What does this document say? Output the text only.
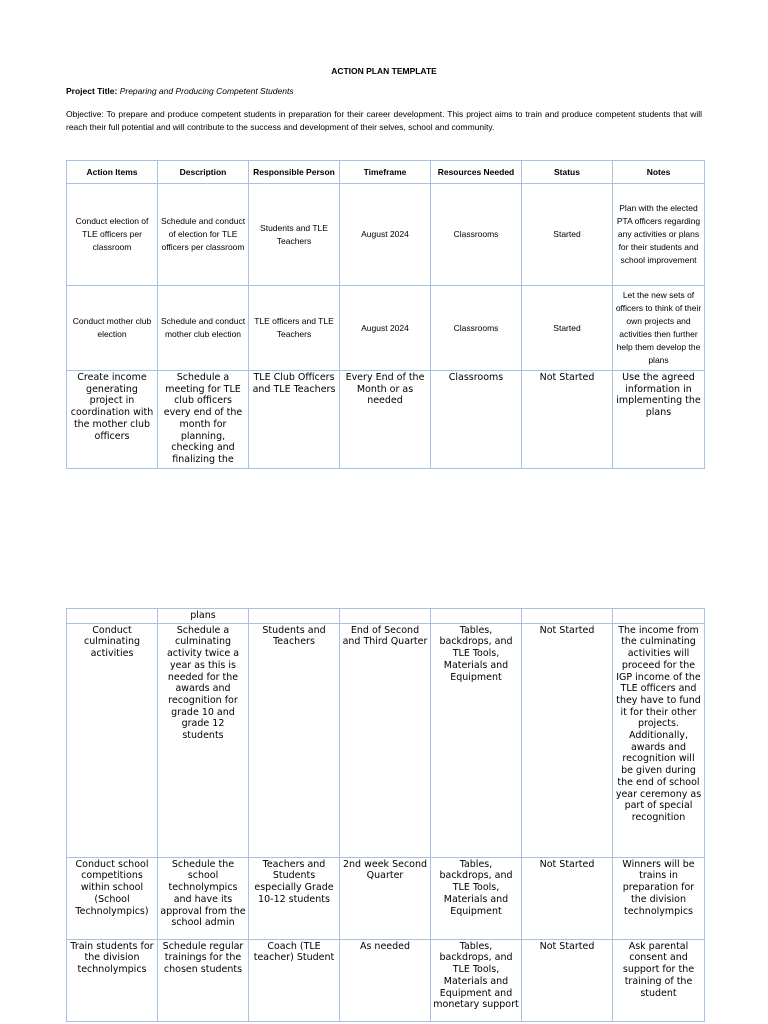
ACTION PLAN TEMPLATE
Project Title: Preparing and Producing Competent Students
Objective: To prepare and produce competent students in preparation for their career development. This project aims to train and produce competent students that will reach their full potential and will contribute to the success and development of their selves, school and community.
Action Items	Description	Responsible Person	Timeframe	Resources Needed	Status	Notes
Conduct election of TLE officers per classroom	Schedule and conduct of election for TLE officers per classroom	Students and TLE Teachers	August 2024	Classrooms	Started	Plan with the elected PTA officers regarding any activities or plans for their students and school improvement
Conduct mother club election	Schedule and conduct mother club election	TLE officers and TLE Teachers	August 2024	Classrooms	Started	Let the new sets of officers to think of their own projects and activities then further help them develop the plans
Create income generating project in coordination with the mother club officers	Schedule a meeting for TLE club officers every end of the month for planning, checking and finalizing the	TLE Club Officers and TLE Teachers	Every End of the Month or as needed	Classrooms	Not Started	Use the agreed information in implementing the plans
	plans					
Conduct culminating activities	Schedule a culminating activity twice a year as this is needed for the awards and recognition for grade 10 and grade 12 students	Students and Teachers	End of Second and Third Quarter	Tables, backdrops, and TLE Tools, Materials and Equipment	Not Started	The income from the culminating activities will proceed for the IGP income of the TLE officers and they have to fund it for their other projects. Additionally, awards and recognition will be given during the end of school year ceremony as part of special recognition
Conduct school competitions within school (School Technolympics)	Schedule the school technolympics and have its approval from the school admin	Teachers and Students especially Grade 10-12 students	2nd week Second Quarter	Tables, backdrops, and TLE Tools, Materials and Equipment	Not Started	Winners will be trains in preparation for the division technolympics
Train students for the division technolympics	Schedule regular trainings for the chosen students	Coach (TLE teacher) Student	As needed	Tables, backdrops, and TLE Tools, Materials and Equipment and monetary support	Not Started	Ask parental consent and support for the training of the student
